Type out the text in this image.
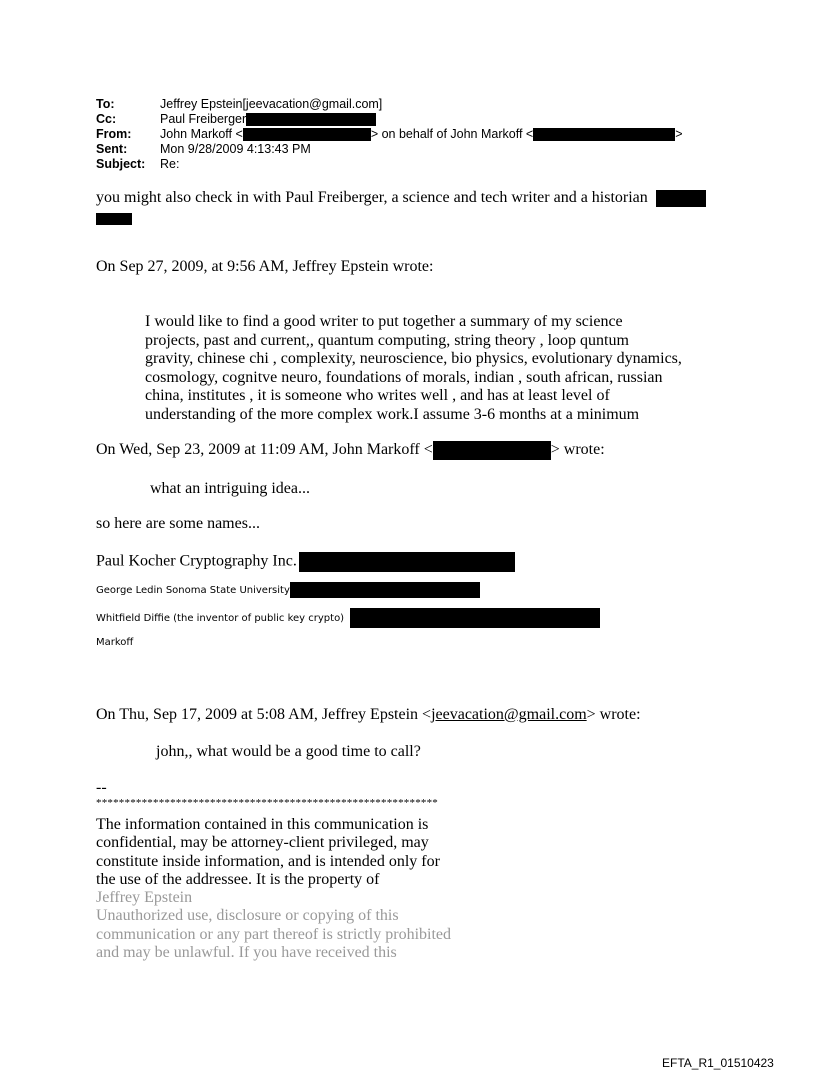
To:	Jeffrey Epstein[jeevacation@gmail.com]
Cc:	Paul Freiberger
From: John Markoff <	> on behalf of John Markoff <	>
Sent:	Mon 9/28/2009 4:13:43 PM
Subject: Re:
you might also check in with Paul Freiberger, a science and tech writer and a historian
On Sep 27, 2009, at 9:56 AM, Jeffrey Epstein wrote:
I would like to find a good writer to put together a summary of my science
projects, past and current,, quantum computing, string theory , loop quntum
gravity, chinese chi , complexity, neuroscience, bio physics, evolutionary dynamics,
cosmology, cognitve neuro, foundations of morals, indian , south african, russian
china, institutes , it is someone who writes well , and has at least level of
understanding of the more complex work.I assume 3-6 months at a minimum
On Wed, Sep 23, 2009 at 11:09 AM, John Markoff <	> wrote:
what an intriguing idea...
so here are some names...
Paul Kocher Cryptography Inc.
George Ledin Sonoma State University
Whitfield Diffie (the inventor of public key crypto)
Markoff
On Thu, Sep 17, 2009 at 5:08 AM, Jeffrey Epstein <jeevacation@gmail.com> wrote:
john,, what would be a good time to call?
--
************************************************************
The information contained in this communication is
confidential, may be attorney-client privileged, may
constitute inside information, and is intended only for
the use of the addressee. It is the property of
Jeffrey Epstein
Unauthorized use, disclosure or copying of this
communication or any part thereof is strictly prohibited
and may be unlawful. If you have received this
EFTA_R1_01510423
